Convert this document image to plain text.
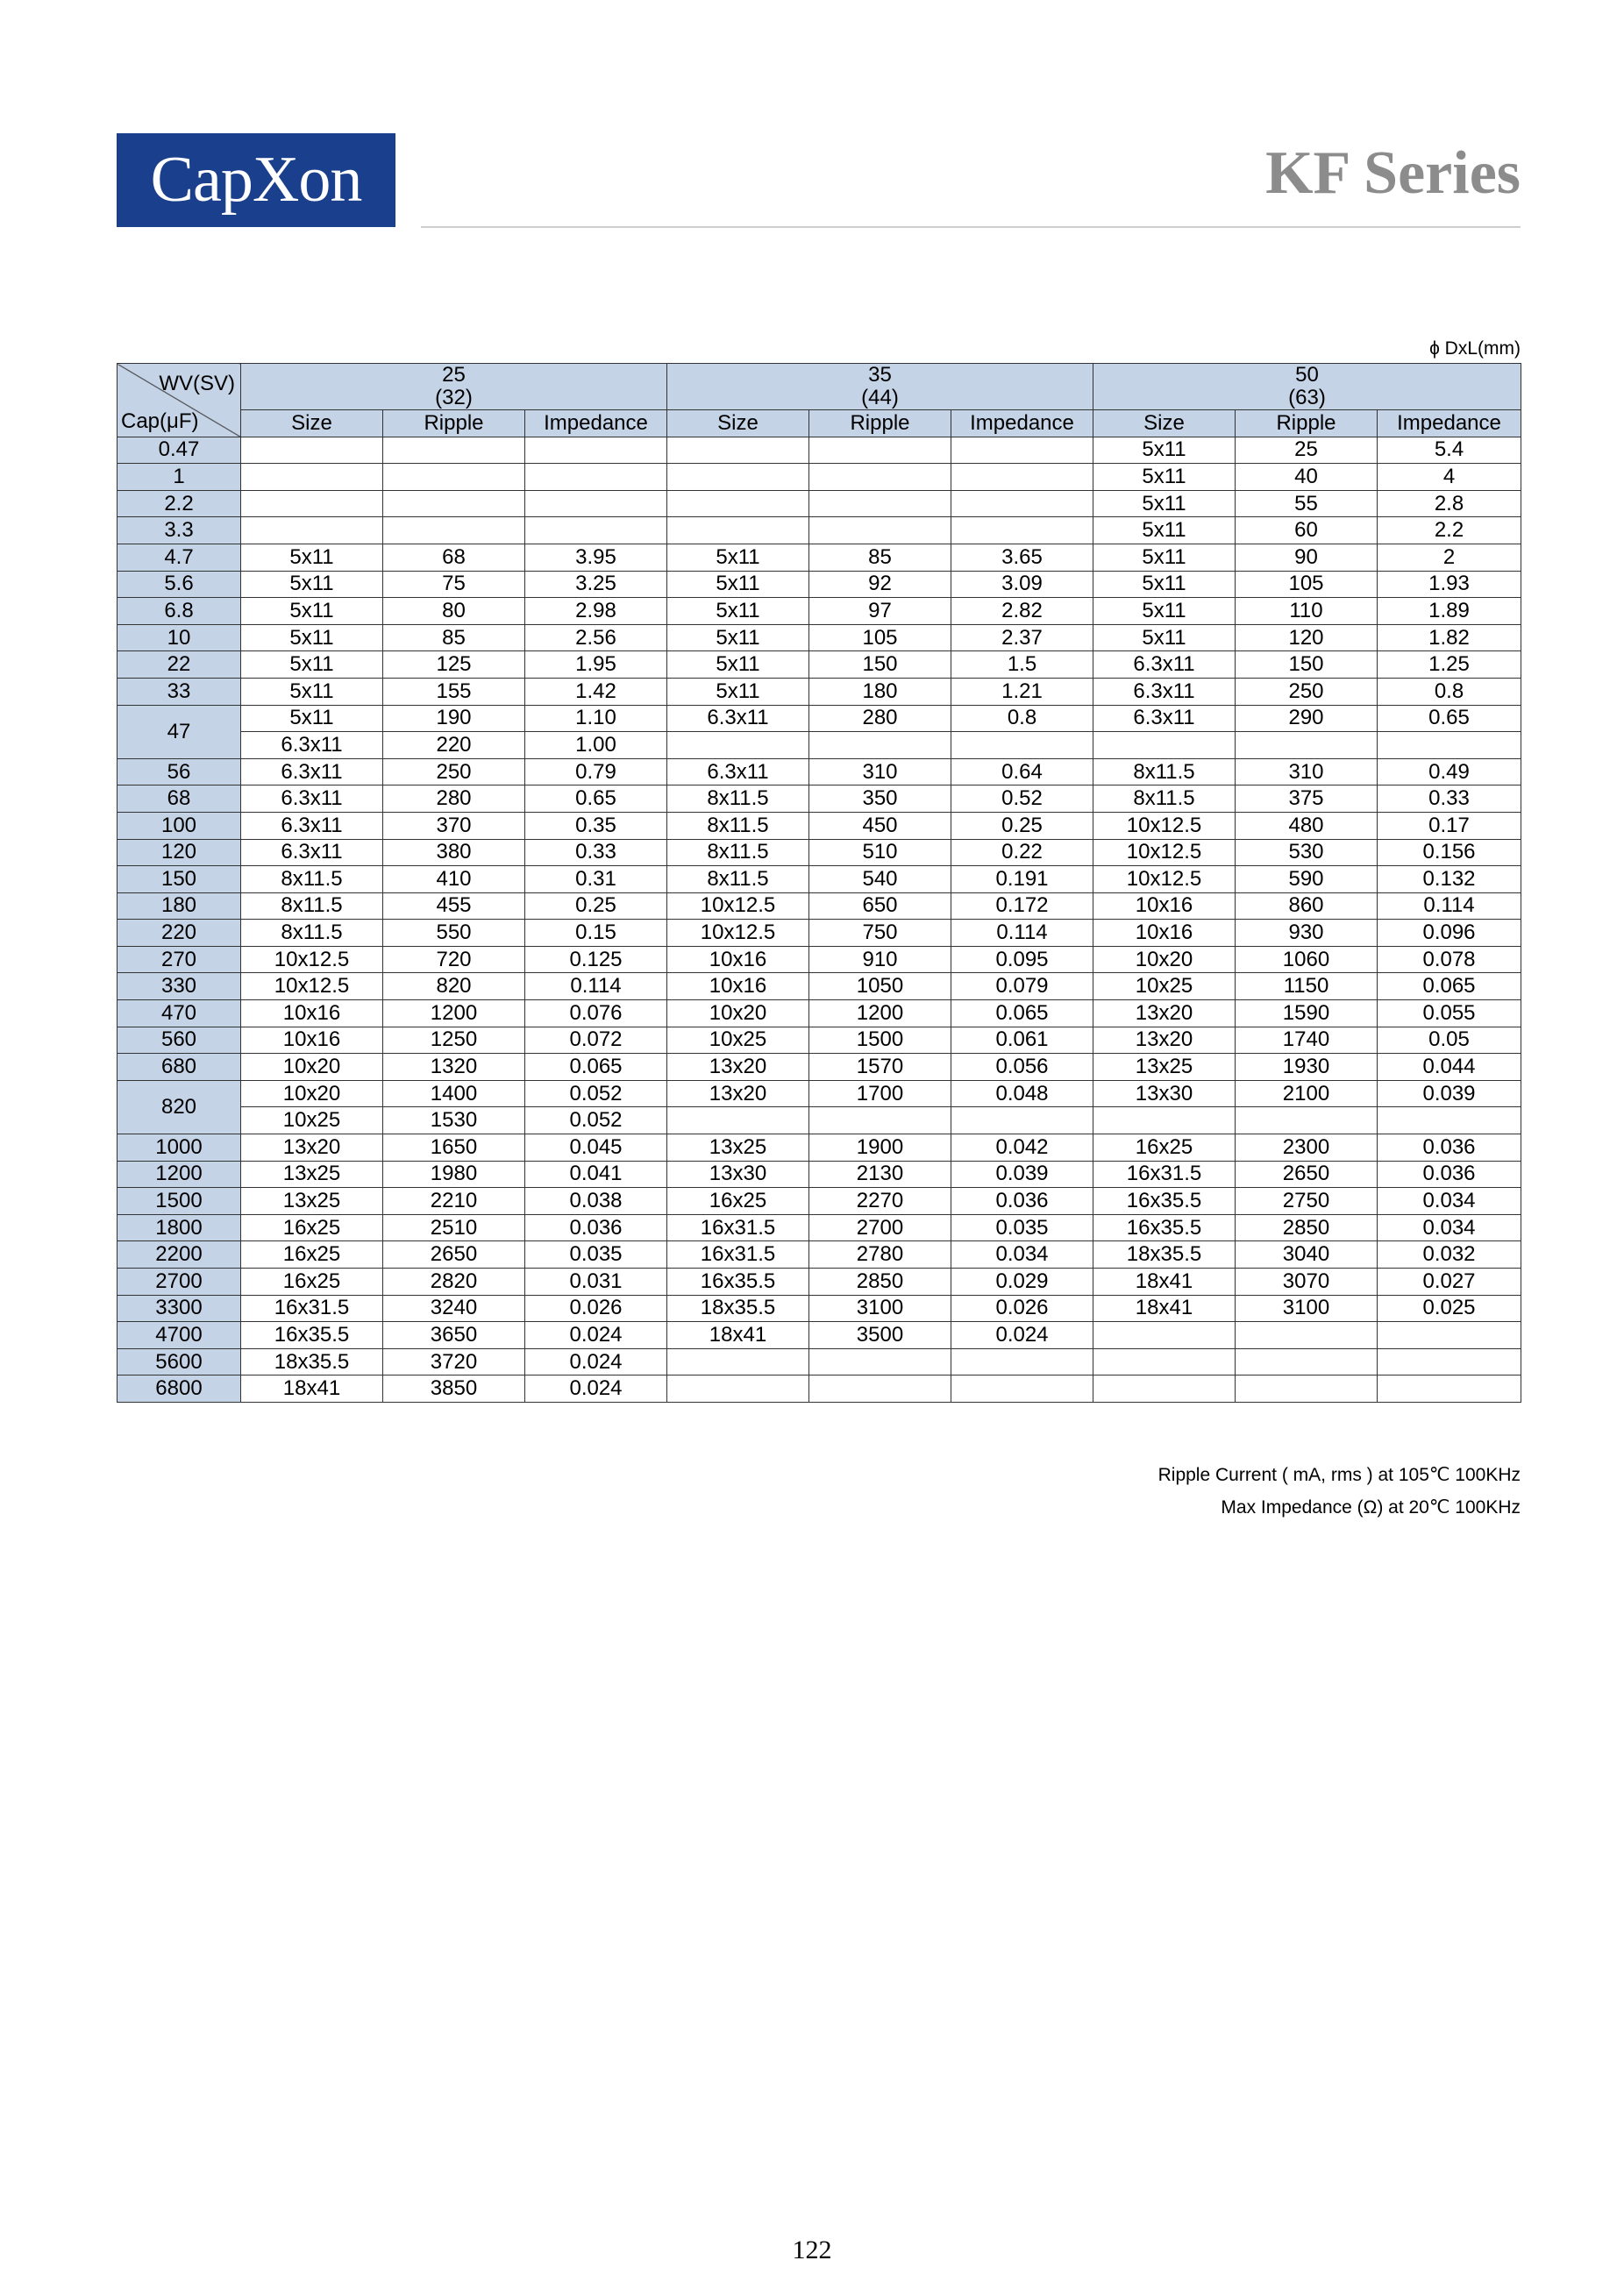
CapXon	KF Series
ϕ DxL(mm)
WV(SV)
Cap(μF)	25
(32)			35
(44)			50
(63)		
	Size	Ripple	Impedance	Size	Ripple	Impedance	Size	Ripple	Impedance
0.47							5x11	25	5.4
1							5x11	40	4
2.2							5x11	55	2.8
3.3							5x11	60	2.2
4.7	5x11	68	3.95	5x11	85	3.65	5x11	90	2
5.6	5x11	75	3.25	5x11	92	3.09	5x11	105	1.93
6.8	5x11	80	2.98	5x11	97	2.82	5x11	110	1.89
10	5x11	85	2.56	5x11	105	2.37	5x11	120	1.82
22	5x11	125	1.95	5x11	150	1.5	6.3x11	150	1.25
33	5x11	155	1.42	5x11	180	1.21	6.3x11	250	0.8
47	5x11	190	1.10	6.3x11	280	0.8	6.3x11	290	0.65
	6.3x11	220	1.00						
56	6.3x11	250	0.79	6.3x11	310	0.64	8x11.5	310	0.49
68	6.3x11	280	0.65	8x11.5	350	0.52	8x11.5	375	0.33
100	6.3x11	370	0.35	8x11.5	450	0.25	10x12.5	480	0.17
120	6.3x11	380	0.33	8x11.5	510	0.22	10x12.5	530	0.156
150	8x11.5	410	0.31	8x11.5	540	0.191	10x12.5	590	0.132
180	8x11.5	455	0.25	10x12.5	650	0.172	10x16	860	0.114
220	8x11.5	550	0.15	10x12.5	750	0.114	10x16	930	0.096
270	10x12.5	720	0.125	10x16	910	0.095	10x20	1060	0.078
330	10x12.5	820	0.114	10x16	1050	0.079	10x25	1150	0.065
470	10x16	1200	0.076	10x20	1200	0.065	13x20	1590	0.055
560	10x16	1250	0.072	10x25	1500	0.061	13x20	1740	0.05
680	10x20	1320	0.065	13x20	1570	0.056	13x25	1930	0.044
820	10x20	1400	0.052	13x20	1700	0.048	13x30	2100	0.039
	10x25	1530	0.052						
1000	13x20	1650	0.045	13x25	1900	0.042	16x25	2300	0.036
1200	13x25	1980	0.041	13x30	2130	0.039	16x31.5	2650	0.036
1500	13x25	2210	0.038	16x25	2270	0.036	16x35.5	2750	0.034
1800	16x25	2510	0.036	16x31.5	2700	0.035	16x35.5	2850	0.034
2200	16x25	2650	0.035	16x31.5	2780	0.034	18x35.5	3040	0.032
2700	16x25	2820	0.031	16x35.5	2850	0.029	18x41	3070	0.027
3300	16x31.5	3240	0.026	18x35.5	3100	0.026	18x41	3100	0.025
4700	16x35.5	3650	0.024	18x41	3500	0.024			
5600	18x35.5	3720	0.024						
6800	18x41	3850	0.024						
Ripple Current ( mA, rms ) at 105℃ 100KHz
Max Impedance (Ω) at 20℃ 100KHz
122
